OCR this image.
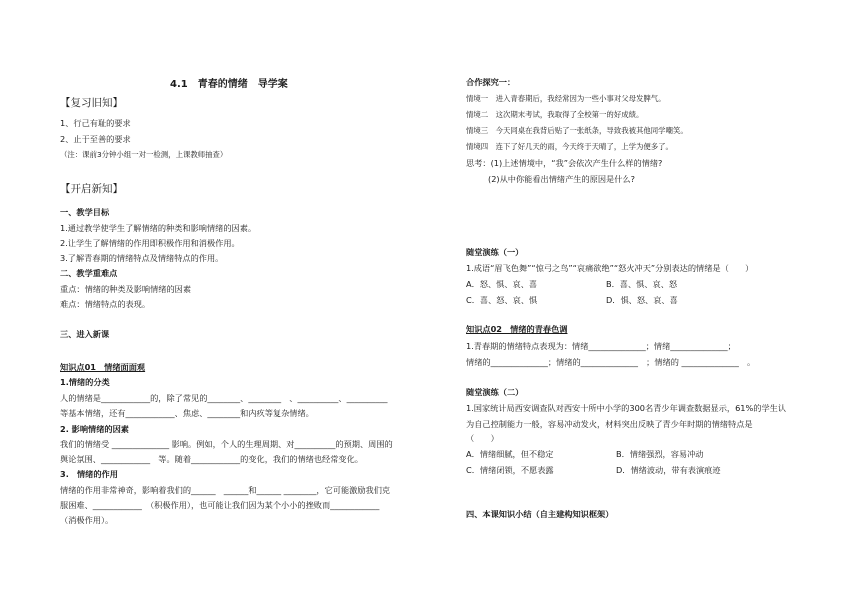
4.1　青春的情绪　导学案
【复习旧知】
1、行己有耻的要求
2、止于至善的要求
（注：课前3分钟小组一对一检测，上课教师抽查）
【开启新知】
一、教学目标
1.通过教学使学生了解情绪的种类和影响情绪的因素。
2.让学生了解情绪的作用即积极作用和消极作用。
3.了解青春期的情绪特点及情绪特点的作用。
二、教学重难点
重点：情绪的种类及影响情绪的因素
难点：情绪特点的表现。
三、进入新课
知识点01　情绪面面观
1.情绪的分类
人的情绪是____________的，除了常见的________、________　、__________、__________
等基本情绪，还有____________、焦虑、________和内疚等复杂情绪。
2. 影响情绪的因素
我们的情绪受 ______________ 影响。例如，个人的生理周期、对__________的预期、周围的
舆论氛围、____________　等。随着____________的变化，我们的情绪也经常变化。
3.　情绪的作用
情绪的作用非常神奇，影响着我们的______　______和______ ________，它可能激励我们克
服困难、____________　（积极作用），也可能让我们因为某个小小的挫败而____________
（消极作用）。
合作探究一：
情境一　进入青春期后，我经常因为一些小事对父母发脾气。
情境二　这次期末考试，我取得了全校第一的好成绩。
情境三　今天同桌在我背后贴了一张纸条，导致我被其他同学嘲笑。
情境四　连下了好几天的雨，今天终于天晴了，上学为便多了。
思考：(1)上述情境中，“我”会依次产生什么样的情绪?
(2)从中你能看出情绪产生的原因是什么?
随堂演练（一）
1.成语“眉飞色舞”“惊弓之鸟”“哀痛欲绝”“怒火冲天”分别表达的情绪是（　　）
A．怒、惧、哀、喜	B．喜、惧、哀、怒
C．喜、怒、哀、惧	D．惧、怒、哀、喜
知识点02　情绪的青春色调
1.青春期的情绪特点表现为：情绪______________；情绪______________；
情绪的______________；情绪的______________　；情绪的 ______________　。
随堂演练（二）
1.国家统计局西安调查队对西安十所中小学的300名青少年调查数据显示，61%的学生认
为自己控制能力一般，容易冲动发火，材料突出反映了青少年时期的情绪特点是
（　　）
A．情绪细腻，但不稳定	B．情绪强烈，容易冲动
C．情绪闭锁，不愿表露	D．情绪波动，带有表演痕迹
四、本课知识小结（自主建构知识框架）
